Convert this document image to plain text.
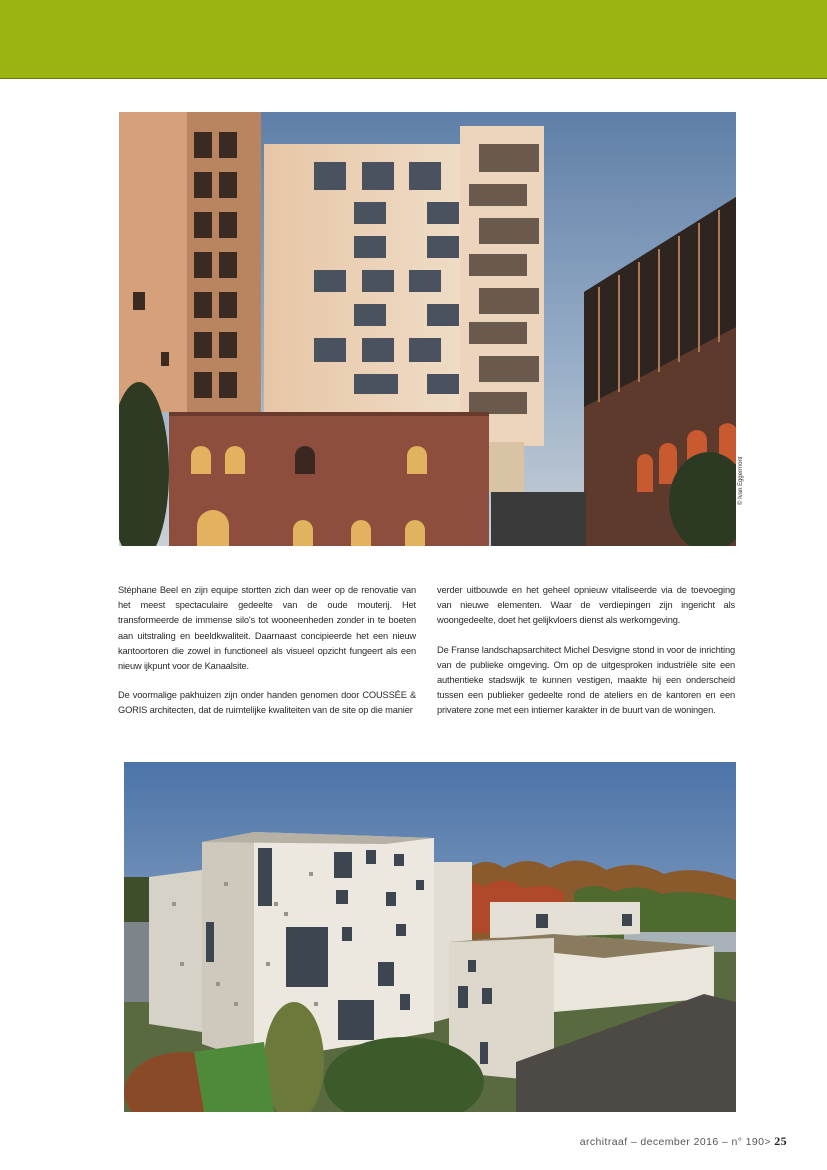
© Ivan Eggermont

Stéphane Beel en zijn equipe stortten zich dan weer op de renovatie van het meest spectaculaire gedeelte van de oude mouterij. Het transformeerde de immense silo's tot wooneenheden zonder in te boeten aan uitstraling en beeldkwaliteit. Daarnaast concipieerde het een nieuw kantoortoren die zowel in functioneel als visueel opzicht fungeert als een nieuw ijkpunt voor de Kanaalsite.

De voormalige pakhuizen zijn onder handen genomen door COUSSÉE & GORIS architecten, dat de ruimtelijke kwaliteiten van de site op die manier

verder uitbouwde en het geheel opnieuw vitaliseerde via de toevoeging van nieuwe elementen. Waar de verdiepingen zijn ingericht als woongedeelte, doet het gelijkvloers dienst als werkomgeving.

De Franse landschapsarchitect Michel Desvigne stond in voor de inrichting van de publieke omgeving. Om op de uitgesproken industriële site een authentieke stadswijk te kunnen vestigen, maakte hij een onderscheid tussen een publieker gedeelte rond de ateliers en de kantoren en een privatere zone met een intiemer karakter in de buurt van de woningen.

architraaf – december 2016 – n° 190> 25
